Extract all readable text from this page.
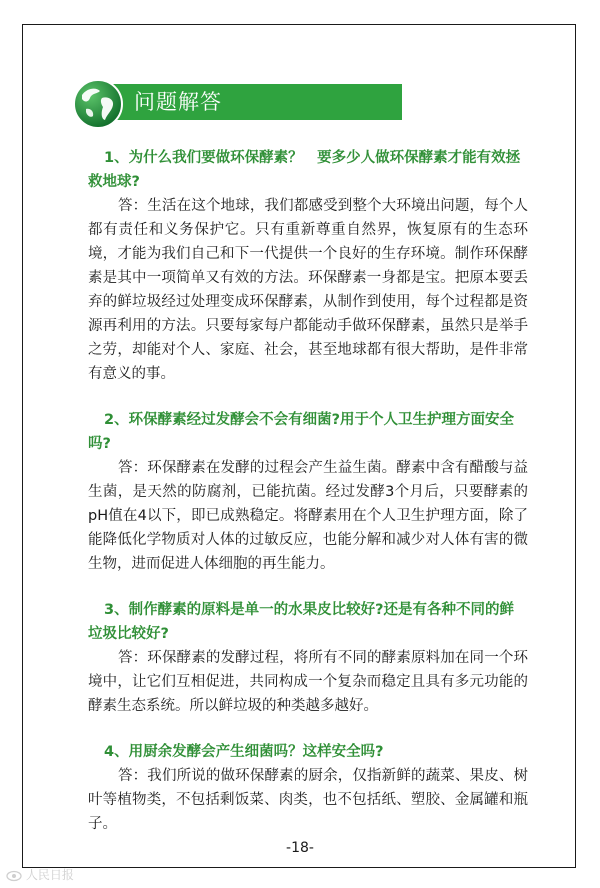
问题解答

1、为什么我们要做环保酵素？　要多少人做环保酵素才能有效拯救地球?

答：生活在这个地球，我们都感受到整个大环境出问题，每个人都有责任和义务保护它。只有重新尊重自然界，恢复原有的生态环境，才能为我们自己和下一代提供一个良好的生存环境。制作环保酵素是其中一项简单又有效的方法。环保酵素一身都是宝。把原本要丢弃的鲜垃圾经过处理变成环保酵素，从制作到使用，每个过程都是资源再利用的方法。只要每家每户都能动手做环保酵素，虽然只是举手之劳，却能对个人、家庭、社会，甚至地球都有很大帮助，是件非常有意义的事。

2、环保酵素经过发酵会不会有细菌?用于个人卫生护理方面安全吗?

答：环保酵素在发酵的过程会产生益生菌。酵素中含有醋酸与益生菌，是天然的防腐剂，已能抗菌。经过发酵3个月后，只要酵素的pH值在4以下，即已成熟稳定。将酵素用在个人卫生护理方面，除了能降低化学物质对人体的过敏反应，也能分解和减少对人体有害的微生物，进而促进人体细胞的再生能力。

3、制作酵素的原料是单一的水果皮比较好?还是有各种不同的鲜垃圾比较好?

答：环保酵素的发酵过程，将所有不同的酵素原料加在同一个环境中，让它们互相促进，共同构成一个复杂而稳定且具有多元功能的酵素生态系统。所以鲜垃圾的种类越多越好。

4、用厨余发酵会产生细菌吗？这样安全吗?

答：我们所说的做环保酵素的厨余，仅指新鲜的蔬菜、果皮、树叶等植物类，不包括剩饭菜、肉类，也不包括纸、塑胶、金属罐和瓶子。

-18-
人民日报
